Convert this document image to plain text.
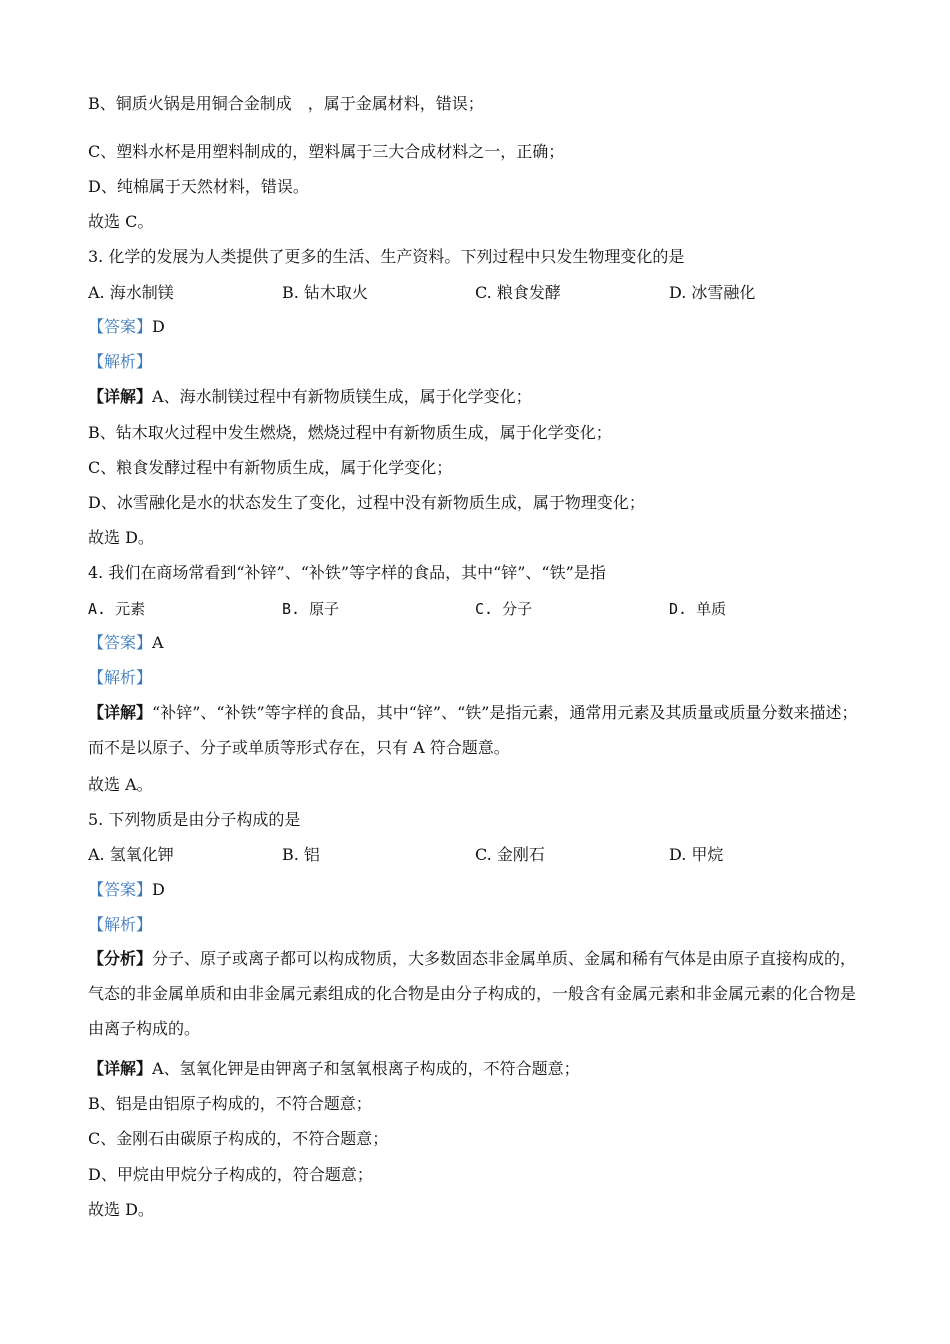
B、铜质火锅是用铜合金制成　，属于金属材料，错误；
C、塑料水杯是用塑料制成的，塑料属于三大合成材料之一，正确；
D、纯棉属于天然材料，错误。
故选 C。
3. 化学的发展为人类提供了更多的生活、生产资料。下列过程中只发生物理变化的是
A. 海水制镁	B. 钻木取火	C. 粮食发酵	D. 冰雪融化
【答案】D
【解析】
【详解】A、海水制镁过程中有新物质镁生成，属于化学变化；
B、钻木取火过程中发生燃烧，燃烧过程中有新物质生成，属于化学变化；
C、粮食发酵过程中有新物质生成，属于化学变化；
D、冰雪融化是水的状态发生了变化，过程中没有新物质生成，属于物理变化；
故选 D。
4. 我们在商场常看到“补锌”、“补铁”等字样的食品，其中“锌”、“铁”是指
A. 元素	B. 原子	C. 分子	D. 单质
【答案】A
【解析】
【详解】“补锌”、“补铁”等字样的食品，其中“锌”、“铁”是指元素，通常用元素及其质量或质量分数来描述；而不是以原子、分子或单质等形式存在，只有 A 符合题意。
故选 A。
5. 下列物质是由分子构成的是
A. 氢氧化钾	B. 铝	C. 金刚石	D. 甲烷
【答案】D
【解析】
【分析】分子、原子或离子都可以构成物质，大多数固态非金属单质、金属和稀有气体是由原子直接构成的，气态的非金属单质和由非金属元素组成的化合物是由分子构成的，一般含有金属元素和非金属元素的化合物是由离子构成的。
【详解】A、氢氧化钾是由钾离子和氢氧根离子构成的，不符合题意；
B、铝是由铝原子构成的，不符合题意；
C、金刚石由碳原子构成的，不符合题意；
D、甲烷由甲烷分子构成的，符合题意；
故选 D。
